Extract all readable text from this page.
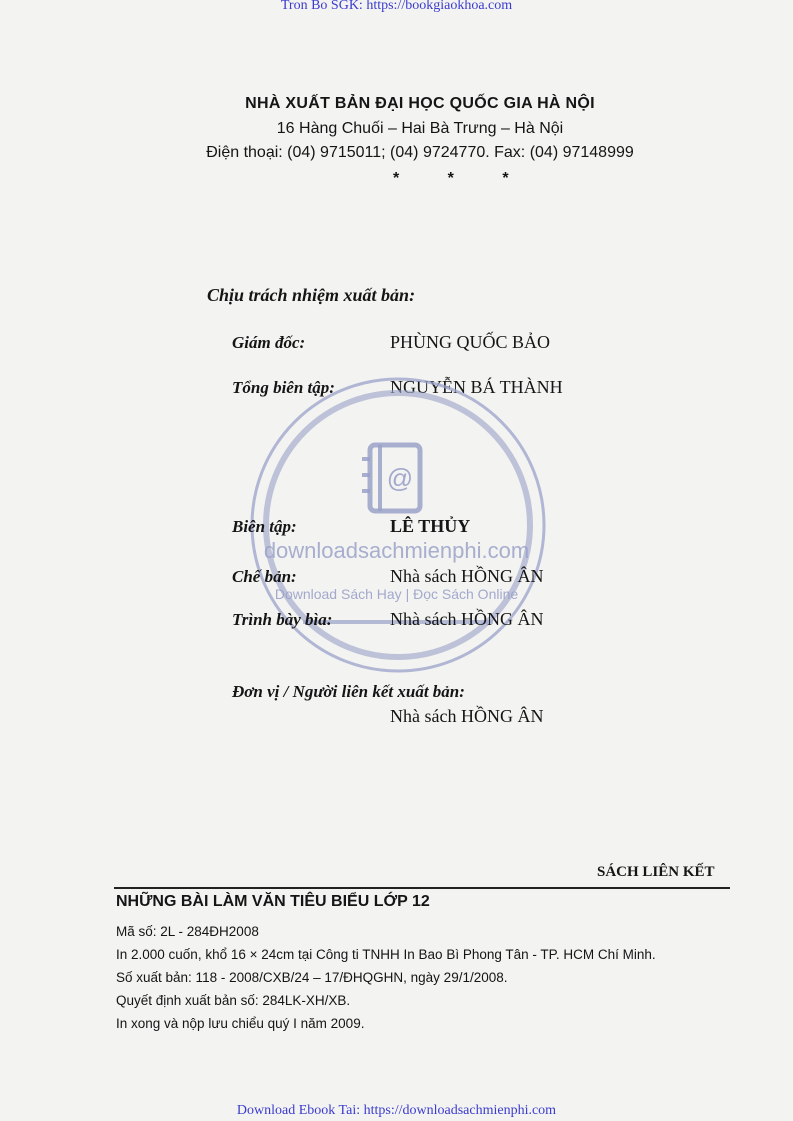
Tron Bo SGK: https://bookgiaokhoa.com
NHÀ XUẤT BẢN ĐẠI HỌC QUỐC GIA HÀ NỘI
16 Hàng Chuối – Hai Bà Trưng – Hà Nội
Điện thoại: (04) 9715011; (04) 9724770. Fax: (04) 97148999
* * *
Chịu trách nhiệm xuất bản:
Giám đốc:	PHÙNG QUỐC BẢO
Tổng biên tập:	NGUYỄN BÁ THÀNH
@
Biên tập:	LÊ THỦY
downloadsachmienphi.com
Chế bản:	Nhà sách HỒNG ÂN
Download Sách Hay | Đọc Sách Online
Trình bày bìa:	Nhà sách HỒNG ÂN
Đơn vị / Người liên kết xuất bản:
Nhà sách HỒNG ÂN
SÁCH LIÊN KẾT
NHỮNG BÀI LÀM VĂN TIÊU BIỂU LỚP 12
Mã số: 2L - 284ĐH2008
In 2.000 cuốn, khổ 16 × 24cm tại Công ti TNHH In Bao Bì Phong Tân - TP. HCM Chí Minh.
Số xuất bản: 118 - 2008/CXB/24 – 17/ĐHQGHN, ngày 29/1/2008.
Quyết định xuất bản số: 284LK-XH/XB.
In xong và nộp lưu chiểu quý I năm 2009.
Download Ebook Tai: https://downloadsachmienphi.com
